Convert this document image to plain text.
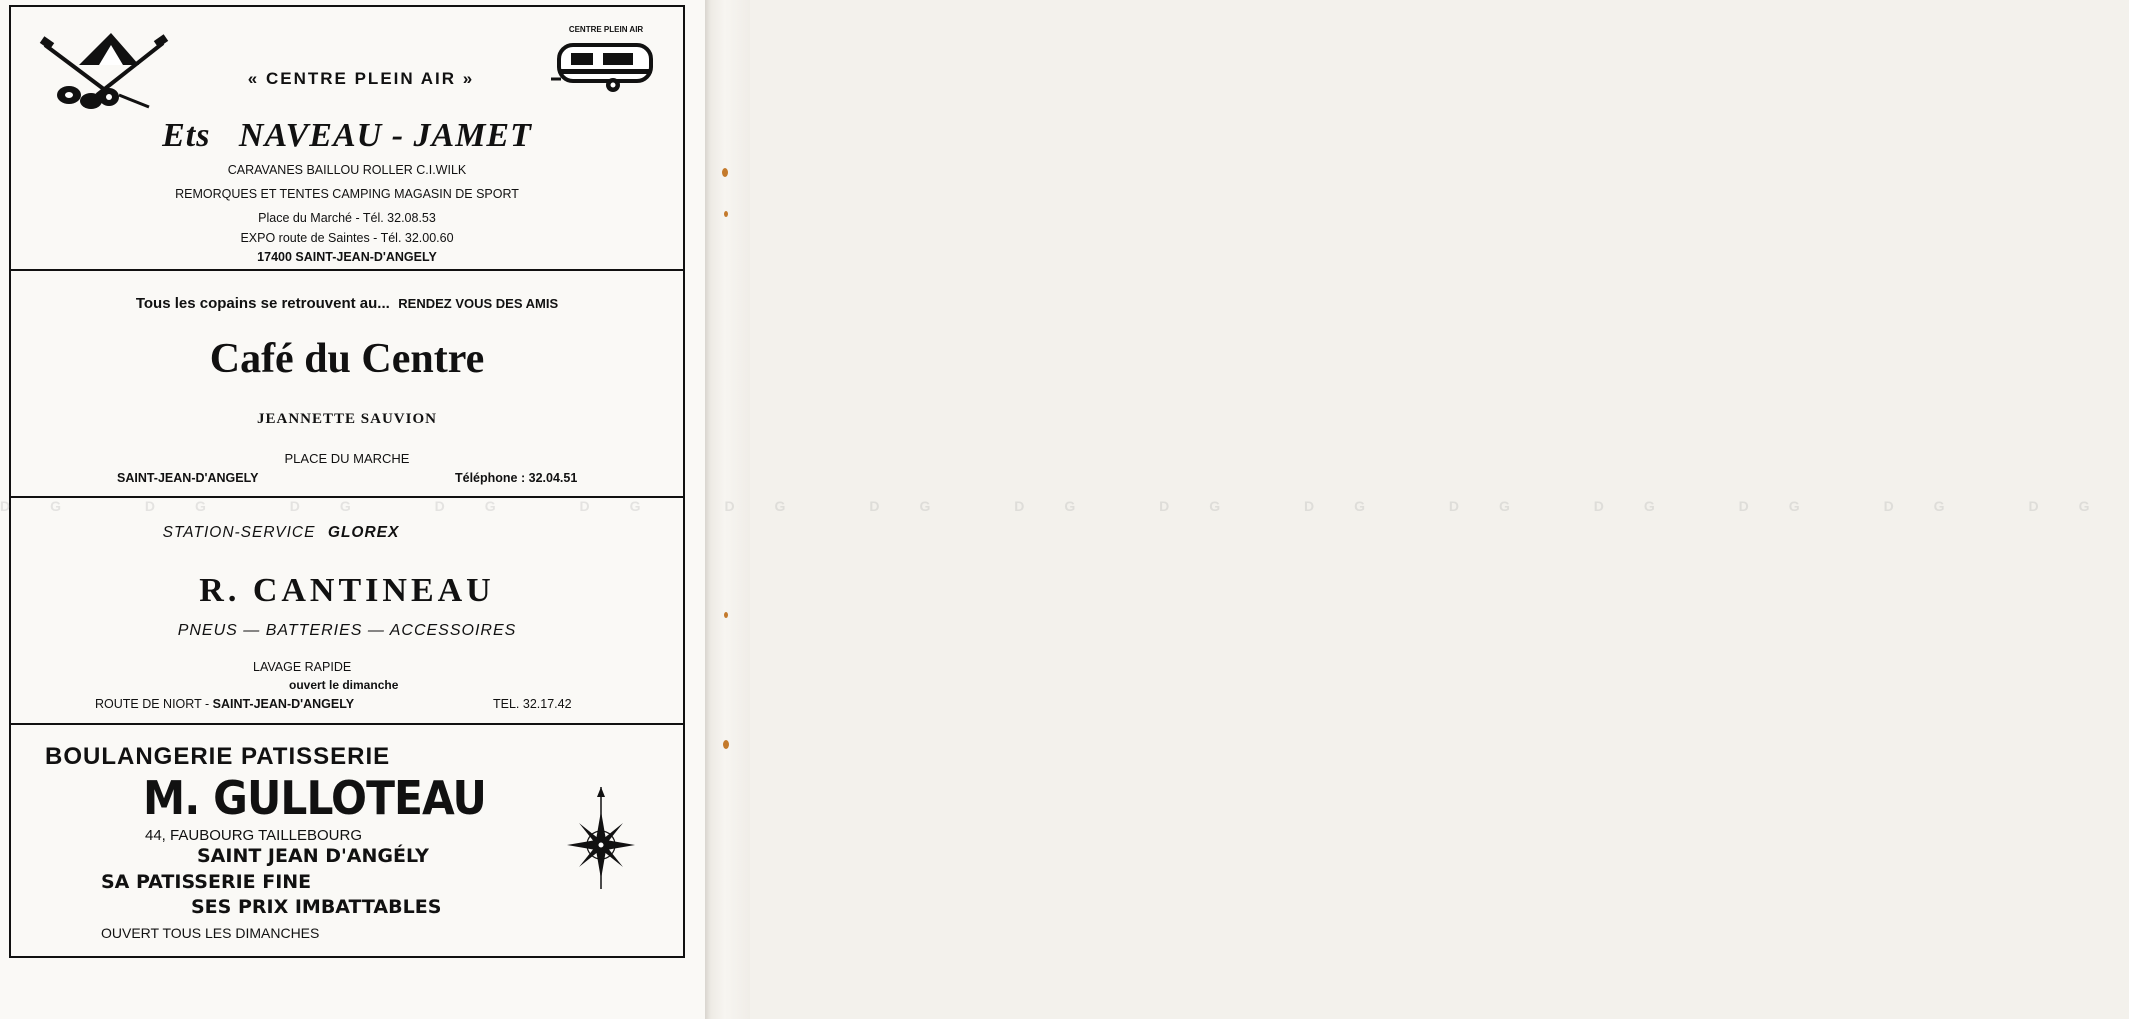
« CENTRE PLEIN AIR »
CENTRE PLEIN AIR
Ets NAVEAU - JAMET
CARAVANES BAILLOU ROLLER C.I.WILK
REMORQUES ET TENTES CAMPING MAGASIN DE SPORT
Place du Marché - Tél. 32.08.53
EXPO route de Saintes - Tél. 32.00.60
17400 SAINT-JEAN-D'ANGELY
Tous les copains se retrouvent au... RENDEZ VOUS DES AMIS
Café du Centre
JEANNETTE SAUVION
PLACE DU MARCHE
SAINT-JEAN-D'ANGELY	Téléphone : 32.04.51
STATION-SERVICE GLOREX
R. CANTINEAU
PNEUS — BATTERIES — ACCESSOIRES
LAVAGE RAPIDE
ouvert le dimanche
ROUTE DE NIORT - SAINT-JEAN-D'ANGELY	TEL. 32.17.42
BOULANGERIE PATISSERIE
M. GULLOTEAU
44, FAUBOURG TAILLEBOURG
SAINT JEAN D'ANGÉLY
SA PATISSERIE FINE
SES PRIX IMBATTABLES
OUVERT TOUS LES DIMANCHES
DG DG DG DG DG DG DG DG DG DG DG DG DG DG DG
